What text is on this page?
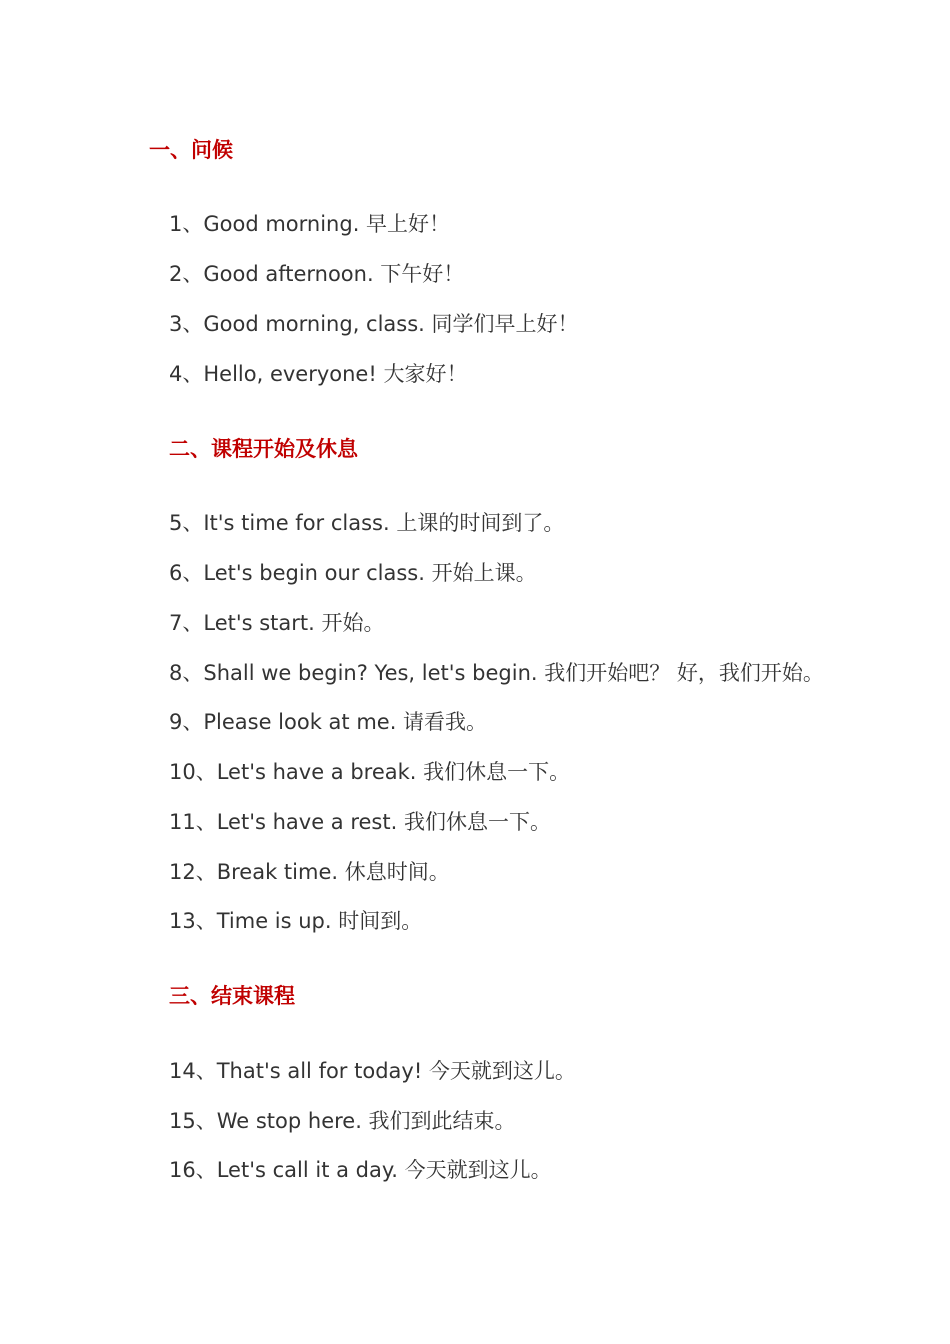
一、问候
1、Good morning. 早上好！
2、Good afternoon. 下午好！
3、Good morning, class. 同学们早上好！
4、Hello, everyone! 大家好！
二、课程开始及休息
5、It's time for class. 上课的时间到了。
6、Let's begin our class. 开始上课。
7、Let's start. 开始。
8、Shall we begin? Yes, let's begin. 我们开始吧？ 好，我们开始。
9、Please look at me. 请看我。
10、Let's have a break. 我们休息一下。
11、Let's have a rest. 我们休息一下。
12、Break time. 休息时间。
13、Time is up. 时间到。
三、结束课程
14、That's all for today! 今天就到这儿。
15、We stop here. 我们到此结束。
16、Let's call it a day. 今天就到这儿。
